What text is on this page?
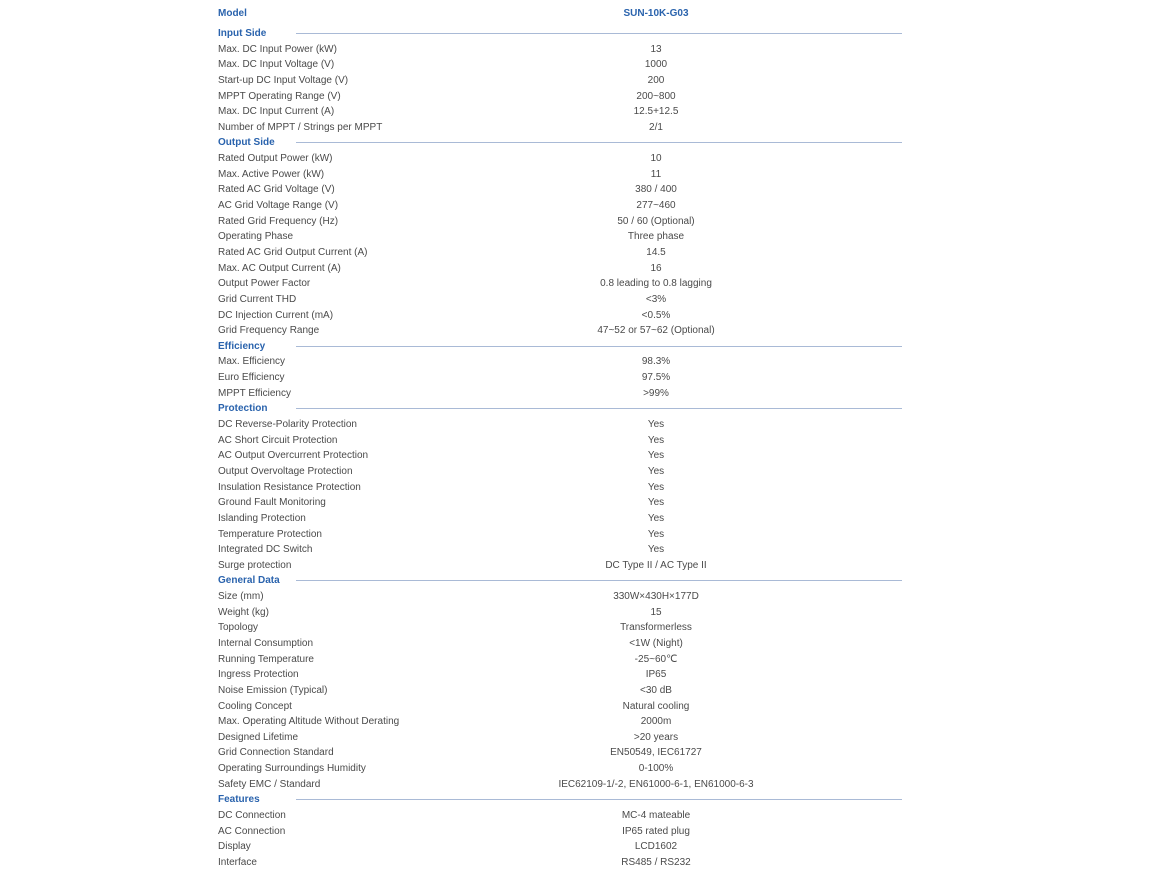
Model	SUN-10K-G03
Input Side
Max. DC Input Power (kW)	13
Max. DC Input Voltage (V)	1000
Start-up DC Input Voltage (V)	200
MPPT Operating Range (V)	200~800
Max. DC Input Current (A)	12.5+12.5
Number of MPPT / Strings per MPPT	2/1
Output Side
Rated Output Power (kW)	10
Max. Active Power (kW)	11
Rated AC Grid Voltage (V)	380 / 400
AC Grid Voltage Range (V)	277~460
Rated Grid Frequency (Hz)	50 / 60 (Optional)
Operating Phase	Three phase
Rated AC Grid Output Current (A)	14.5
Max. AC Output Current (A)	16
Output Power Factor	0.8 leading to 0.8 lagging
Grid Current THD	<3%
DC Injection Current (mA)	<0.5%
Grid Frequency Range	47~52 or 57~62 (Optional)
Efficiency
Max. Efficiency	98.3%
Euro Efficiency	97.5%
MPPT Efficiency	>99%
Protection
DC Reverse-Polarity Protection	Yes
AC Short Circuit Protection	Yes
AC Output Overcurrent Protection	Yes
Output Overvoltage Protection	Yes
Insulation Resistance Protection	Yes
Ground Fault Monitoring	Yes
Islanding Protection	Yes
Temperature Protection	Yes
Integrated DC Switch	Yes
Surge protection	DC Type II / AC Type II
General Data
Size (mm)	330W×430H×177D
Weight (kg)	15
Topology	Transformerless
Internal Consumption	<1W (Night)
Running Temperature	-25~60℃
Ingress Protection	IP65
Noise Emission (Typical)	<30 dB
Cooling Concept	Natural cooling
Max. Operating Altitude Without Derating	2000m
Designed Lifetime	>20 years
Grid Connection Standard	EN50549, IEC61727
Operating Surroundings Humidity	0-100%
Safety EMC / Standard	IEC62109-1/-2, EN61000-6-1, EN61000-6-3
Features
DC Connection	MC-4 mateable
AC Connection	IP65 rated plug
Display	LCD1602
Interface	RS485 / RS232
